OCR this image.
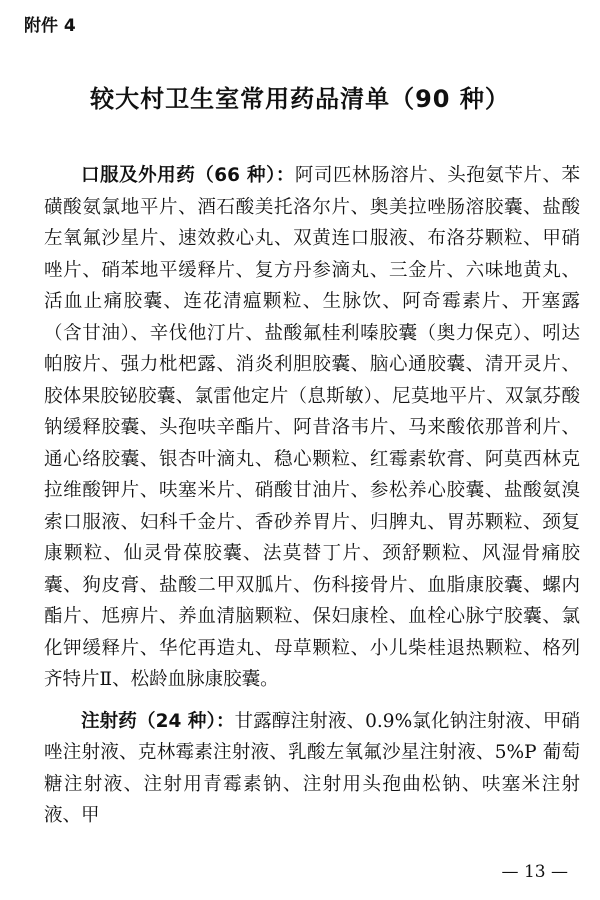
附件 4
较大村卫生室常用药品清单（90 种）

口服及外用药（66 种）：阿司匹林肠溶片、头孢氨苄片、苯磺酸氨氯地平片、酒石酸美托洛尔片、奥美拉唑肠溶胶囊、盐酸左氧氟沙星片、速效救心丸、双黄连口服液、布洛芬颗粒、甲硝唑片、硝苯地平缓释片、复方丹参滴丸、三金片、六味地黄丸、活血止痛胶囊、连花清瘟颗粒、生脉饮、阿奇霉素片、开塞露（含甘油）、辛伐他汀片、盐酸氟桂利嗪胶囊（奥力保克）、吲达帕胺片、强力枇杷露、消炎利胆胶囊、脑心通胶囊、清开灵片、胶体果胶铋胶囊、氯雷他定片（息斯敏）、尼莫地平片、双氯芬酸钠缓释胶囊、头孢呋辛酯片、阿昔洛韦片、马来酸依那普利片、通心络胶囊、银杏叶滴丸、稳心颗粒、红霉素软膏、阿莫西林克拉维酸钾片、呋塞米片、硝酸甘油片、参松养心胶囊、盐酸氨溴索口服液、妇科千金片、香砂养胃片、归脾丸、胃苏颗粒、颈复康颗粒、仙灵骨葆胶囊、法莫替丁片、颈舒颗粒、风湿骨痛胶囊、狗皮膏、盐酸二甲双胍片、伤科接骨片、血脂康胶囊、螺内酯片、尪痹片、养血清脑颗粒、保妇康栓、血栓心脉宁胶囊、氯化钾缓释片、华佗再造丸、母草颗粒、小儿柴桂退热颗粒、格列齐特片Ⅱ、松龄血脉康胶囊。

注射药（24 种）：甘露醇注射液、0.9%氯化钠注射液、甲硝唑注射液、克林霉素注射液、乳酸左氧氟沙星注射液、5%P 葡萄糖注射液、注射用青霉素钠、注射用头孢曲松钠、呋塞米注射液、甲

— 13 —
